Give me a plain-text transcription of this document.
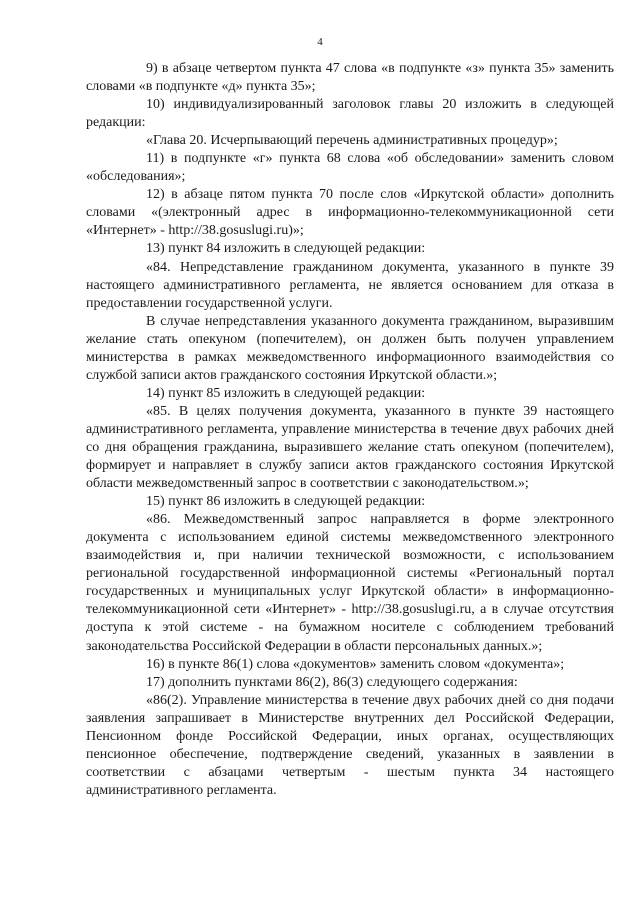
4

9) в абзаце четвертом пункта 47 слова «в подпункте «з» пункта 35» заменить словами «в подпункте «д» пункта 35»;

10) индивидуализированный заголовок главы 20 изложить в следующей редакции:

«Глава 20. Исчерпывающий перечень административных процедур»;

11) в подпункте «г» пункта 68 слова «об обследовании» заменить словом «обследования»;

12) в абзаце пятом пункта 70 после слов «Иркутской области» дополнить словами «(электронный адрес в информационно-телекоммуникационной сети «Интернет» - http://38.gosuslugi.ru)»;

13) пункт 84 изложить в следующей редакции:

«84. Непредставление гражданином документа, указанного в пункте 39 настоящего административного регламента, не является основанием для отказа в предоставлении государственной услуги.

В случае непредставления указанного документа гражданином, выразившим желание стать опекуном (попечителем), он должен быть получен управлением министерства в рамках межведомственного информационного взаимодействия со службой записи актов гражданского состояния Иркутской области.»;

14) пункт 85 изложить в следующей редакции:

«85. В целях получения документа, указанного в пункте 39 настоящего административного регламента, управление министерства в течение двух рабочих дней со дня обращения гражданина, выразившего желание стать опекуном (попечителем), формирует и направляет в службу записи актов гражданского состояния Иркутской области межведомственный запрос в соответствии с законодательством.»;

15) пункт 86 изложить в следующей редакции:

«86. Межведомственный запрос направляется в форме электронного документа с использованием единой системы межведомственного электронного взаимодействия и, при наличии технической возможности, с использованием региональной государственной информационной системы «Региональный портал государственных и муниципальных услуг Иркутской области» в информационно-телекоммуникационной сети «Интернет» - http://38.gosuslugi.ru, а в случае отсутствия доступа к этой системе - на бумажном носителе с соблюдением требований законодательства Российской Федерации в области персональных данных.»;

16) в пункте 86(1) слова «документов» заменить словом «документа»;

17) дополнить пунктами 86(2), 86(3) следующего содержания:

«86(2). Управление министерства в течение двух рабочих дней со дня подачи заявления запрашивает в Министерстве внутренних дел Российской Федерации, Пенсионном фонде Российской Федерации, иных органах, осуществляющих пенсионное обеспечение, подтверждение сведений, указанных в заявлении в соответствии с абзацами четвертым - шестым пункта 34 настоящего административного регламента.
